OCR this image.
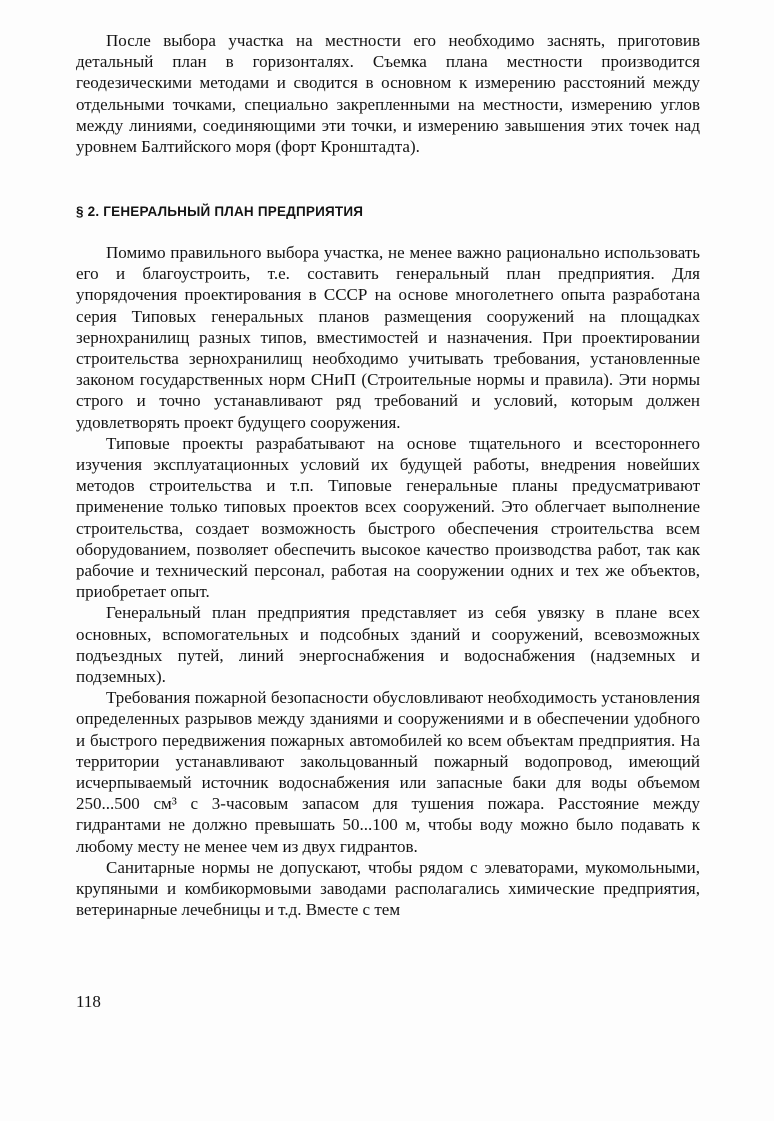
После выбора участка на местности его необходимо заснять, приготовив детальный план в горизонталях. Съемка плана местности производится геодезическими методами и сводится в основном к измерению расстояний между отдельными точками, специально закрепленными на местности, измерению углов между линиями, соединяющими эти точки, и измерению завышения этих точек над уровнем Балтийского моря (форт Кронштадта).

§ 2. ГЕНЕРАЛЬНЫЙ ПЛАН ПРЕДПРИЯТИЯ

Помимо правильного выбора участка, не менее важно рационально использовать его и благоустроить, т.е. составить генеральный план предприятия. Для упорядочения проектирования в СССР на основе многолетнего опыта разработана серия Типовых генеральных планов размещения сооружений на площадках зернохранилищ разных типов, вместимостей и назначения. При проектировании строительства зернохранилищ необходимо учитывать требования, установленные законом государственных норм СНиП (Строительные нормы и правила). Эти нормы строго и точно устанавливают ряд требований и условий, которым должен удовлетворять проект будущего сооружения.

Типовые проекты разрабатывают на основе тщательного и всестороннего изучения эксплуатационных условий их будущей работы, внедрения новейших методов строительства и т.п. Типовые генеральные планы предусматривают применение только типовых проектов всех сооружений. Это облегчает выполнение строительства, создает возможность быстрого обеспечения строительства всем оборудованием, позволяет обеспечить высокое качество производства работ, так как рабочие и технический персонал, работая на сооружении одних и тех же объектов, приобретает опыт.

Генеральный план предприятия представляет из себя увязку в плане всех основных, вспомогательных и подсобных зданий и сооружений, всевозможных подъездных путей, линий энергоснабжения и водоснабжения (надземных и подземных).

Требования пожарной безопасности обусловливают необходимость установления определенных разрывов между зданиями и сооружениями и в обеспечении удобного и быстрого передвижения пожарных автомобилей ко всем объектам предприятия. На территории устанавливают закольцованный пожарный водопровод, имеющий исчерпываемый источник водоснабжения или запасные баки для воды объемом 250...500 см³ с 3-часовым запасом для тушения пожара. Расстояние между гидрантами не должно превышать 50...100 м, чтобы воду можно было подавать к любому месту не менее чем из двух гидрантов.

Санитарные нормы не допускают, чтобы рядом с элеваторами, мукомольными, крупяными и комбикормовыми заводами располагались химические предприятия, ветеринарные лечебницы и т.д. Вместе с тем

118
